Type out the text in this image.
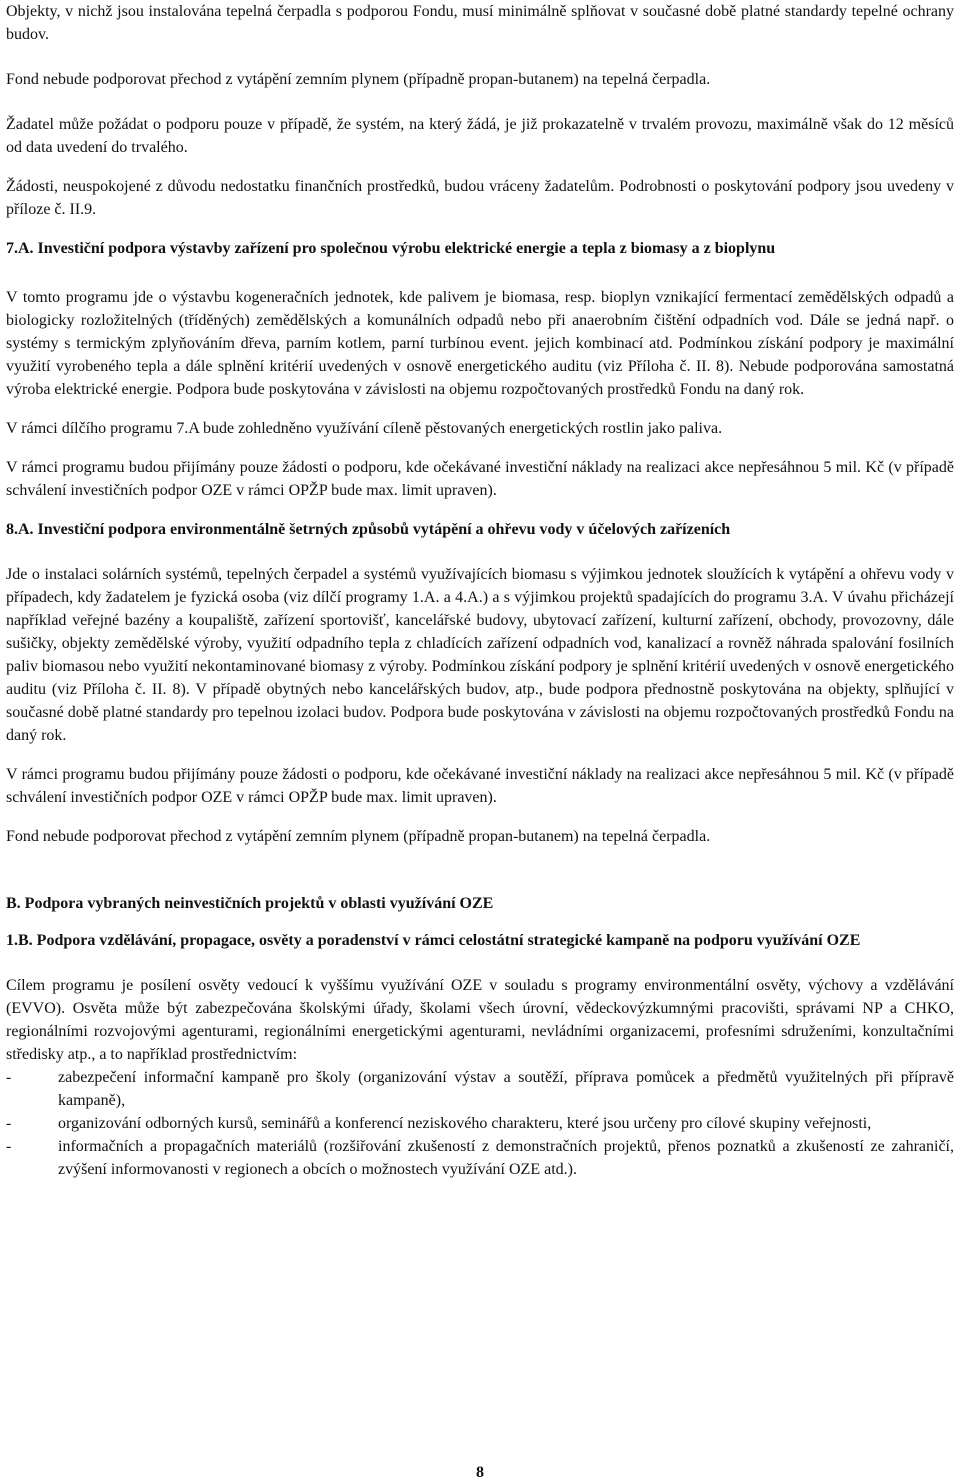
Objekty, v nichž jsou instalována tepelná čerpadla s podporou Fondu, musí minimálně splňovat v současné době platné standardy tepelné ochrany budov.

Fond nebude podporovat přechod z vytápění zemním plynem (případně propan-butanem) na tepelná čerpadla.

Žadatel může požádat o podporu pouze v případě, že systém, na který žádá, je již prokazatelně v trvalém provozu, maximálně však do 12 měsíců od data uvedení do trvalého.

Žádosti, neuspokojené z důvodu nedostatku finančních prostředků, budou vráceny žadatelům. Podrobnosti o poskytování podpory jsou uvedeny v příloze č. II.9.

7.A. Investiční podpora výstavby zařízení pro společnou výrobu elektrické energie a tepla z biomasy a z bioplynu

V tomto programu jde o výstavbu kogeneračních jednotek, kde palivem je biomasa, resp. bioplyn vznikající fermentací zemědělských odpadů a biologicky rozložitelných (tříděných) zemědělských a komunálních odpadů nebo při anaerobním čištění odpadních vod. Dále se jedná např. o systémy s termickým zplyňováním dřeva, parním kotlem, parní turbínou event. jejich kombinací atd. Podmínkou získání podpory je maximální využití vyrobeného tepla a dále splnění kritérií uvedených v osnově energetického auditu (viz Příloha č. II. 8). Nebude podporována samostatná výroba elektrické energie. Podpora bude poskytována v závislosti na objemu rozpočtovaných prostředků Fondu na daný rok.

V rámci dílčího programu 7.A bude zohledněno využívání cíleně pěstovaných energetických rostlin jako paliva.

V rámci programu budou přijímány pouze žádosti o podporu, kde očekávané investiční náklady na realizaci akce nepřesáhnou 5 mil. Kč (v případě schválení investičních podpor OZE v rámci OPŽP bude max. limit upraven).

8.A. Investiční podpora environmentálně šetrných způsobů vytápění a ohřevu vody v účelových zařízeních

Jde o instalaci solárních systémů, tepelných čerpadel a systémů využívajících biomasu s výjimkou jednotek sloužících k vytápění a ohřevu vody v případech, kdy žadatelem je fyzická osoba (viz dílčí programy 1.A. a 4.A.) a s výjimkou projektů spadajících do programu 3.A. V úvahu přicházejí například veřejné bazény a koupaliště, zařízení sportovišť, kancelářské budovy, ubytovací zařízení, kulturní zařízení, obchody, provozovny, dále sušičky, objekty zemědělské výroby, využití odpadního tepla z chladících zařízení odpadních vod, kanalizací a rovněž náhrada spalování fosilních paliv biomasou nebo využití nekontaminované biomasy z výroby. Podmínkou získání podpory je splnění kritérií uvedených v osnově energetického auditu (viz Příloha č. II. 8). V případě obytných nebo kancelářských budov, atp., bude podpora přednostně poskytována na objekty, splňující v současné době platné standardy pro tepelnou izolaci budov. Podpora bude poskytována v závislosti na objemu rozpočtovaných prostředků Fondu na daný rok.

V rámci programu budou přijímány pouze žádosti o podporu, kde očekávané investiční náklady na realizaci akce nepřesáhnou 5 mil. Kč (v případě schválení investičních podpor OZE v rámci OPŽP bude max. limit upraven).

Fond nebude podporovat přechod z vytápění zemním plynem (případně propan-butanem) na tepelná čerpadla.

B. Podpora vybraných neinvestičních projektů v oblasti využívání OZE

1.B. Podpora vzdělávání, propagace, osvěty a poradenství v rámci celostátní strategické kampaně na podporu využívání OZE

Cílem programu je posílení osvěty vedoucí k vyššímu využívání OZE v souladu s programy environmentální osvěty, výchovy a vzdělávání (EVVO). Osvěta může být zabezpečována školskými úřady, školami všech úrovní, vědeckovýzkumnými pracovišti, správami NP a CHKO, regionálními rozvojovými agenturami, regionálními energetickými agenturami, nevládními organizacemi, profesními sdruženími, konzultačními středisky atp., a to například prostřednictvím:

-	zabezpečení informační kampaně pro školy (organizování výstav a soutěží, příprava pomůcek a předmětů využitelných při přípravě kampaně),
-	organizování odborných kursů, seminářů a konferencí neziskového charakteru, které jsou určeny pro cílové skupiny veřejnosti,
-	informačních a propagačních materiálů (rozšiřování zkušeností z demonstračních projektů, přenos poznatků a zkušeností ze zahraničí, zvýšení informovanosti v regionech a obcích o možnostech využívání OZE atd.).
8
